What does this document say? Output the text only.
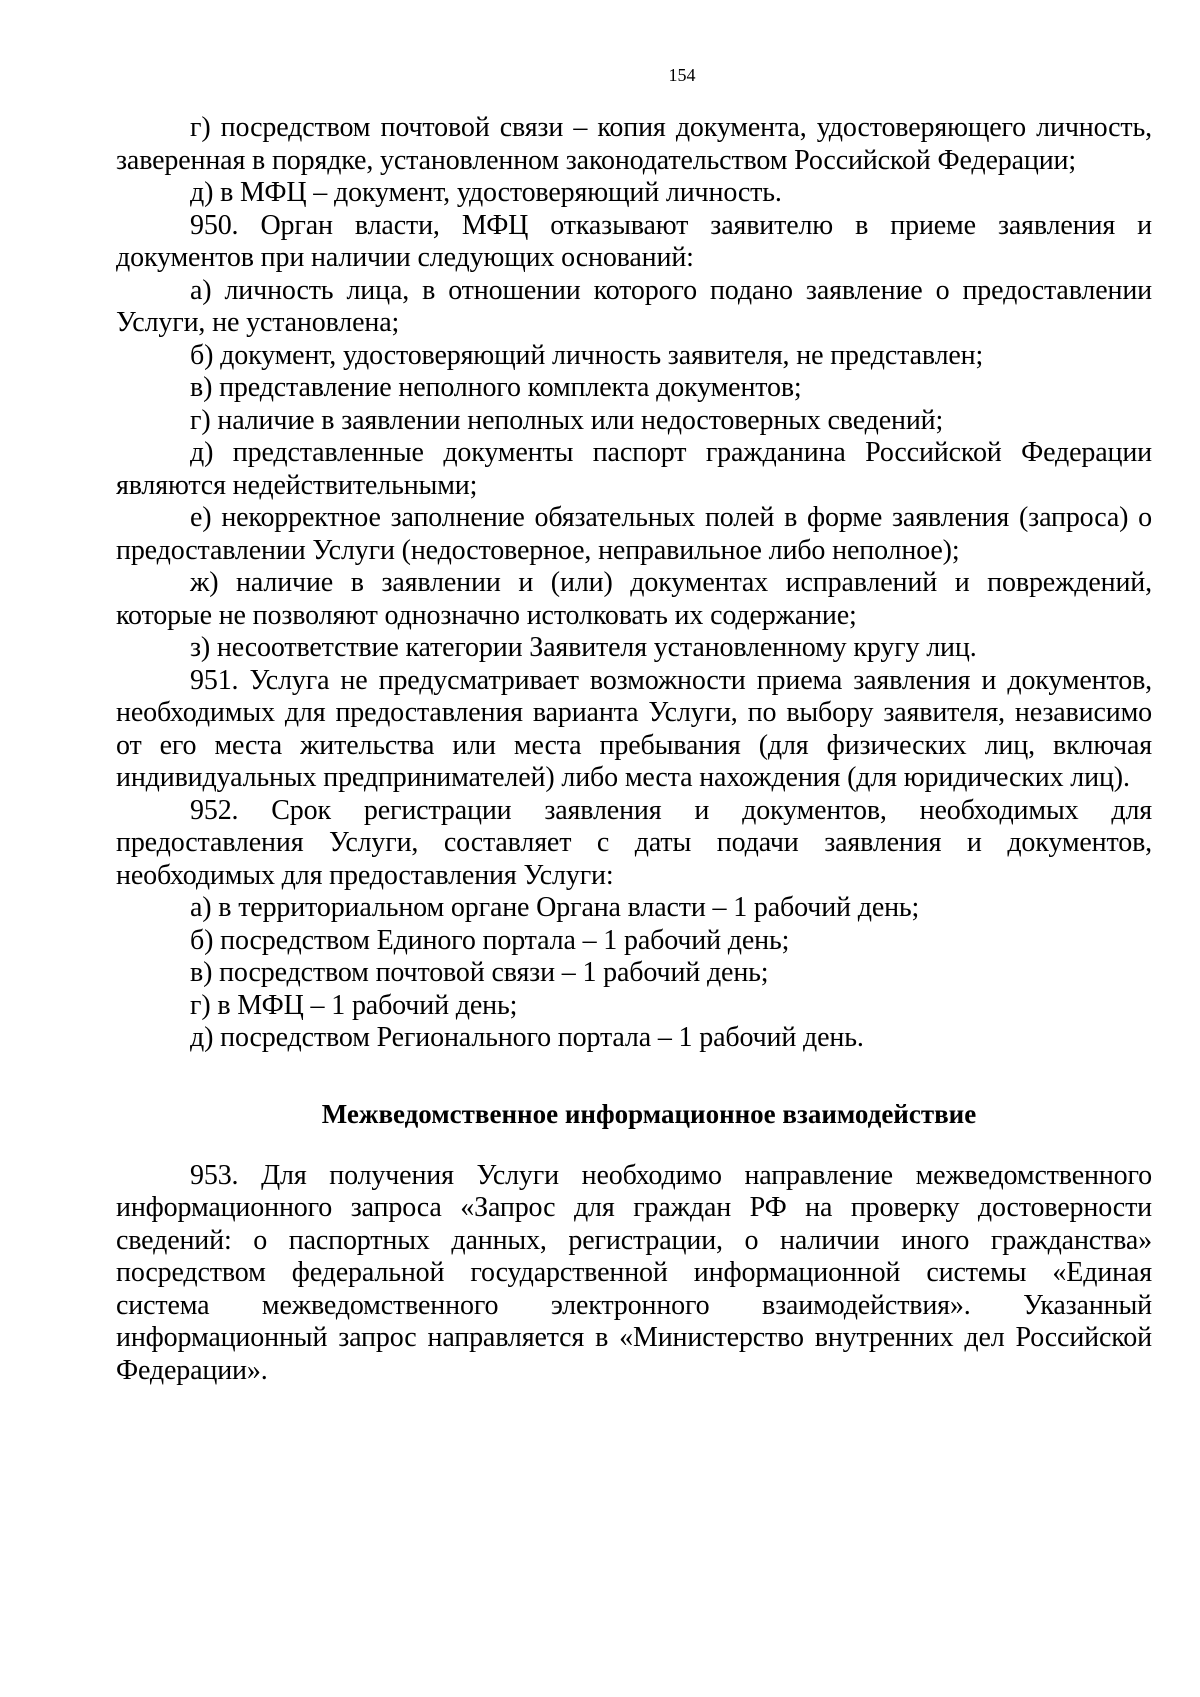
154

г) посредством почтовой связи – копия документа, удостоверяющего личность, заверенная в порядке, установленном законодательством Российской Федерации;

д) в МФЦ – документ, удостоверяющий личность.

950. Орган власти, МФЦ отказывают заявителю в приеме заявления и документов при наличии следующих оснований:

а) личность лица, в отношении которого подано заявление о предоставлении Услуги, не установлена;

б) документ, удостоверяющий личность заявителя, не представлен;

в) представление неполного комплекта документов;

г) наличие в заявлении неполных или недостоверных сведений;

д) представленные документы паспорт гражданина Российской Федерации являются недействительными;

е) некорректное заполнение обязательных полей в форме заявления (запроса) о предоставлении Услуги (недостоверное, неправильное либо неполное);

ж) наличие в заявлении и (или) документах исправлений и повреждений, которые не позволяют однозначно истолковать их содержание;

з) несоответствие категории Заявителя установленному кругу лиц.

951. Услуга не предусматривает возможности приема заявления и документов, необходимых для предоставления варианта Услуги, по выбору заявителя, независимо от его места жительства или места пребывания (для физических лиц, включая индивидуальных предпринимателей) либо места нахождения (для юридических лиц).

952. Срок регистрации заявления и документов, необходимых для предоставления Услуги, составляет с даты подачи заявления и документов, необходимых для предоставления Услуги:

а) в территориальном органе Органа власти – 1 рабочий день;

б) посредством Единого портала – 1 рабочий день;

в) посредством почтовой связи – 1 рабочий день;

г) в МФЦ – 1 рабочий день;

д) посредством Регионального портала – 1 рабочий день.

Межведомственное информационное взаимодействие

953. Для получения Услуги необходимо направление межведомственного информационного запроса «Запрос для граждан РФ на проверку достоверности сведений: о паспортных данных, регистрации, о наличии иного гражданства» посредством федеральной государственной информационной системы «Единая система межведомственного электронного взаимодействия». Указанный информационный запрос направляется в «Министерство внутренних дел Российской Федерации».
